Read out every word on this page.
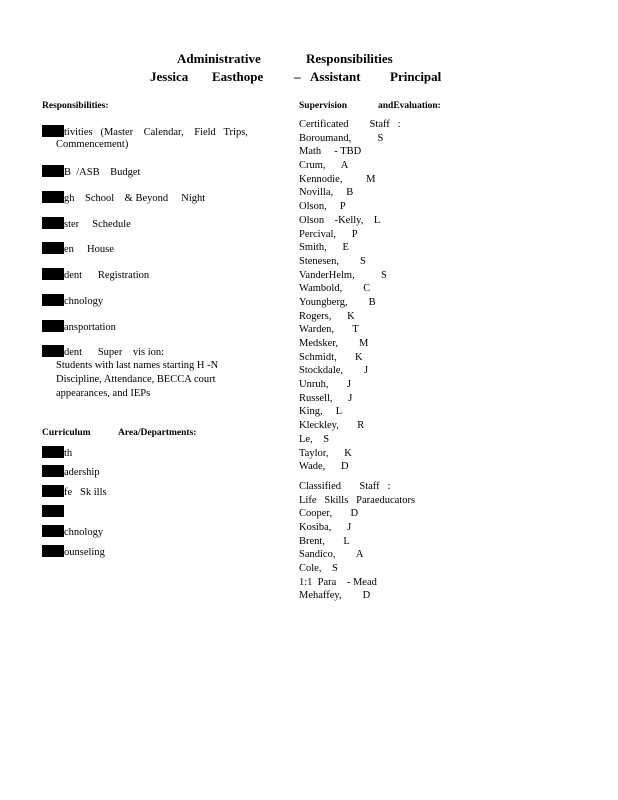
Administrative	Responsibilities
Jessica Easthope – Assistant Principal
Responsibilities:
tivities   (Master    Calendar,    Field   Trips,
Commencement)
B  /ASB    Budget
gh    School    & Beyond     Night
ster     Schedule
en     House
dent      Registration
chnology
ansportation
dent      Super    vis ion:
Students with last names starting H -N
Discipline, Attendance, BECCA court
appearances, and IEPs
Curriculum	Area/Departments:
th
adership
fe   Sk ills
chnology
ounseling
Supervision	andEvaluation:
Certificated        Staff   :
Boroumand,          S
Math     - TBD
Crum,      A
Kennodie,         M
Novilla,     B
Olson,     P
Olson    -Kelly,    L
Percival,      P
Smith,      E
Stenesen,        S
VanderHelm,          S
Wambold,        C
Youngberg,        B
Rogers,      K
Warden,       T
Medsker,        M
Schmidt,       K
Stockdale,        J
Unruh,       J
Russell,      J
King,     L
Kleckley,       R
Le,    S
Taylor,      K
Wade,      D
Classified       Staff   :
Life   Skills   Paraeducators
Cooper,       D
Kosiba,      J
Brent,       L
Sandico,        A
Cole,    S
1:1  Para    - Mead
Mehaffey,        D
